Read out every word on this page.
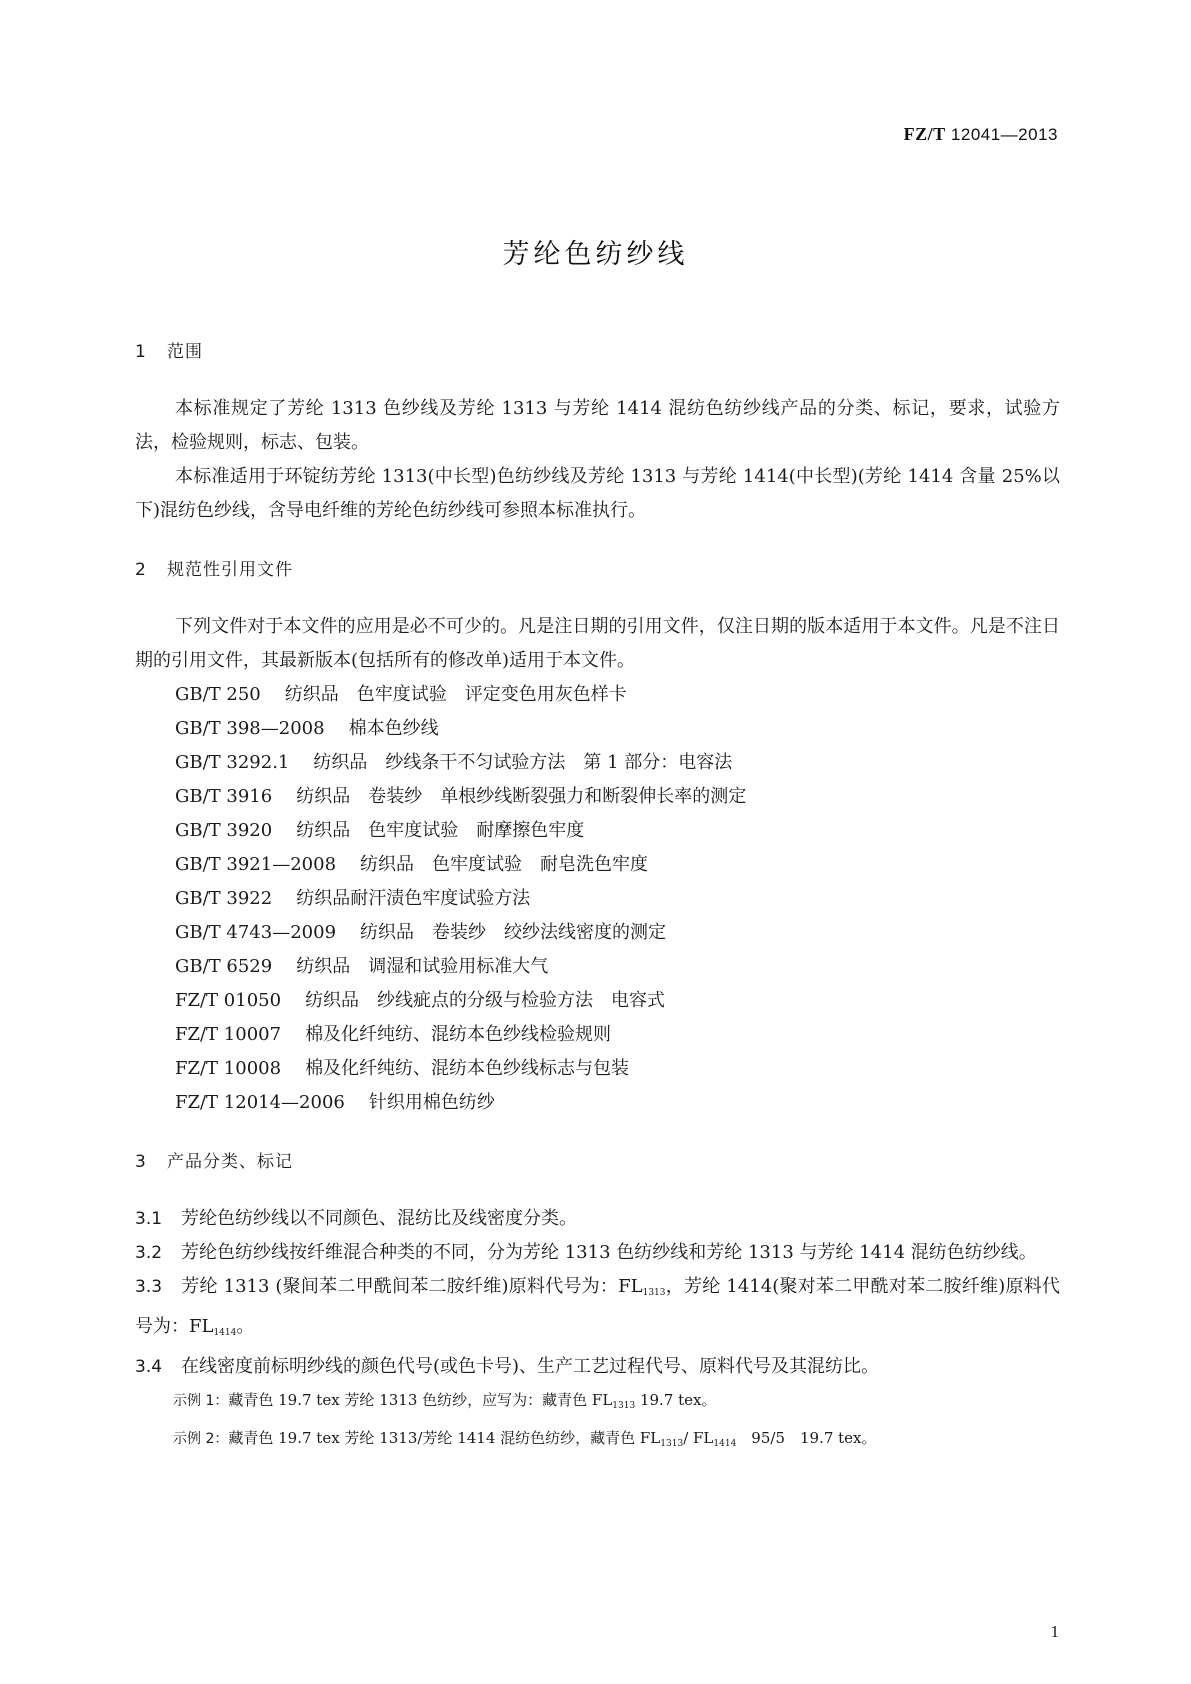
FZ/T 12041—2013
芳纶色纺纱线
1 范围

本标准规定了芳纶 1313 色纱线及芳纶 1313 与芳纶 1414 混纺色纺纱线产品的分类、标记，要求，试验方法，检验规则，标志、包装。

本标准适用于环锭纺芳纶 1313(中长型)色纺纱线及芳纶 1313 与芳纶 1414(中长型)(芳纶 1414 含量 25%以下)混纺色纱线，含导电纤维的芳纶色纺纱线可参照本标准执行。

2 规范性引用文件

下列文件对于本文件的应用是必不可少的。凡是注日期的引用文件，仅注日期的版本适用于本文件。凡是不注日期的引用文件，其最新版本(包括所有的修改单)适用于本文件。

GB/T 250 纺织品　色牢度试验　评定变色用灰色样卡
GB/T 398—2008 棉本色纱线
GB/T 3292.1 纺织品　纱线条干不匀试验方法　第 1 部分：电容法
GB/T 3916 纺织品　卷装纱　单根纱线断裂强力和断裂伸长率的测定
GB/T 3920 纺织品　色牢度试验　耐摩擦色牢度
GB/T 3921—2008 纺织品　色牢度试验　耐皂洗色牢度
GB/T 3922 纺织品耐汗渍色牢度试验方法
GB/T 4743—2009 纺织品　卷装纱　绞纱法线密度的测定
GB/T 6529 纺织品　调湿和试验用标准大气
FZ/T 01050 纺织品　纱线疵点的分级与检验方法　电容式
FZ/T 10007 棉及化纤纯纺、混纺本色纱线检验规则
FZ/T 10008 棉及化纤纯纺、混纺本色纱线标志与包装
FZ/T 12014—2006 针织用棉色纺纱
3 产品分类、标记

3.1 芳纶色纺纱线以不同颜色、混纺比及线密度分类。

3.2 芳纶色纺纱线按纤维混合种类的不同，分为芳纶 1313 色纺纱线和芳纶 1313 与芳纶 1414 混纺色纺纱线。

3.3 芳纶 1313 (聚间苯二甲酰间苯二胺纤维)原料代号为：$FL_{1313}$，芳纶 1414(聚对苯二甲酰对苯二胺纤维)原料代号为：$FL_{1414}$。

3.4 在线密度前标明纱线的颜色代号(或色卡号)、生产工艺过程代号、原料代号及其混纺比。

示例 1：藏青色 19.7 tex 芳纶 1313 色纺纱，应写为：藏青色 $FL_{1313}$ 19.7 tex。

示例 2：藏青色 19.7 tex 芳纶 1313/芳纶 1414 混纺色纺纱，藏青色 $FL_{1313}/$ $FL_{1414}$　95/5　19.7 tex。

1
